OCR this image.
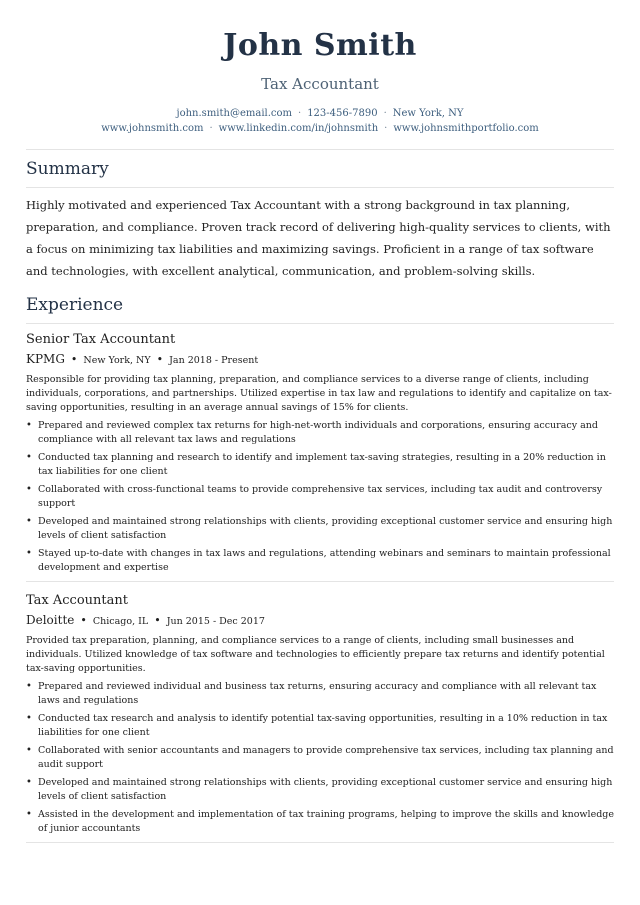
John Smith
Tax Accountant
john.smith@email.com · 123-456-7890 · New York, NY
www.johnsmith.com · www.linkedin.com/in/johnsmith · www.johnsmithportfolio.com
Summary

Highly motivated and experienced Tax Accountant with a strong background in tax planning, preparation, and compliance. Proven track record of delivering high-quality services to clients, with a focus on minimizing tax liabilities and maximizing savings. Proficient in a range of tax software and technologies, with excellent analytical, communication, and problem-solving skills.

Experience
Senior Tax Accountant
KPMG • New York, NY • Jan 2018 - Present

Responsible for providing tax planning, preparation, and compliance services to a diverse range of clients, including individuals, corporations, and partnerships. Utilized expertise in tax law and regulations to identify and capitalize on tax-saving opportunities, resulting in an average annual savings of 15% for clients.

• Prepared and reviewed complex tax returns for high-net-worth individuals and corporations, ensuring accuracy and compliance with all relevant tax laws and regulations
• Conducted tax planning and research to identify and implement tax-saving strategies, resulting in a 20% reduction in tax liabilities for one client
• Collaborated with cross-functional teams to provide comprehensive tax services, including tax audit and controversy support
• Developed and maintained strong relationships with clients, providing exceptional customer service and ensuring high levels of client satisfaction
• Stayed up-to-date with changes in tax laws and regulations, attending webinars and seminars to maintain professional development and expertise
Tax Accountant
Deloitte • Chicago, IL • Jun 2015 - Dec 2017

Provided tax preparation, planning, and compliance services to a range of clients, including small businesses and individuals. Utilized knowledge of tax software and technologies to efficiently prepare tax returns and identify potential tax-saving opportunities.

• Prepared and reviewed individual and business tax returns, ensuring accuracy and compliance with all relevant tax laws and regulations
• Conducted tax research and analysis to identify potential tax-saving opportunities, resulting in a 10% reduction in tax liabilities for one client
• Collaborated with senior accountants and managers to provide comprehensive tax services, including tax planning and audit support
• Developed and maintained strong relationships with clients, providing exceptional customer service and ensuring high levels of client satisfaction
• Assisted in the development and implementation of tax training programs, helping to improve the skills and knowledge of junior accountants
